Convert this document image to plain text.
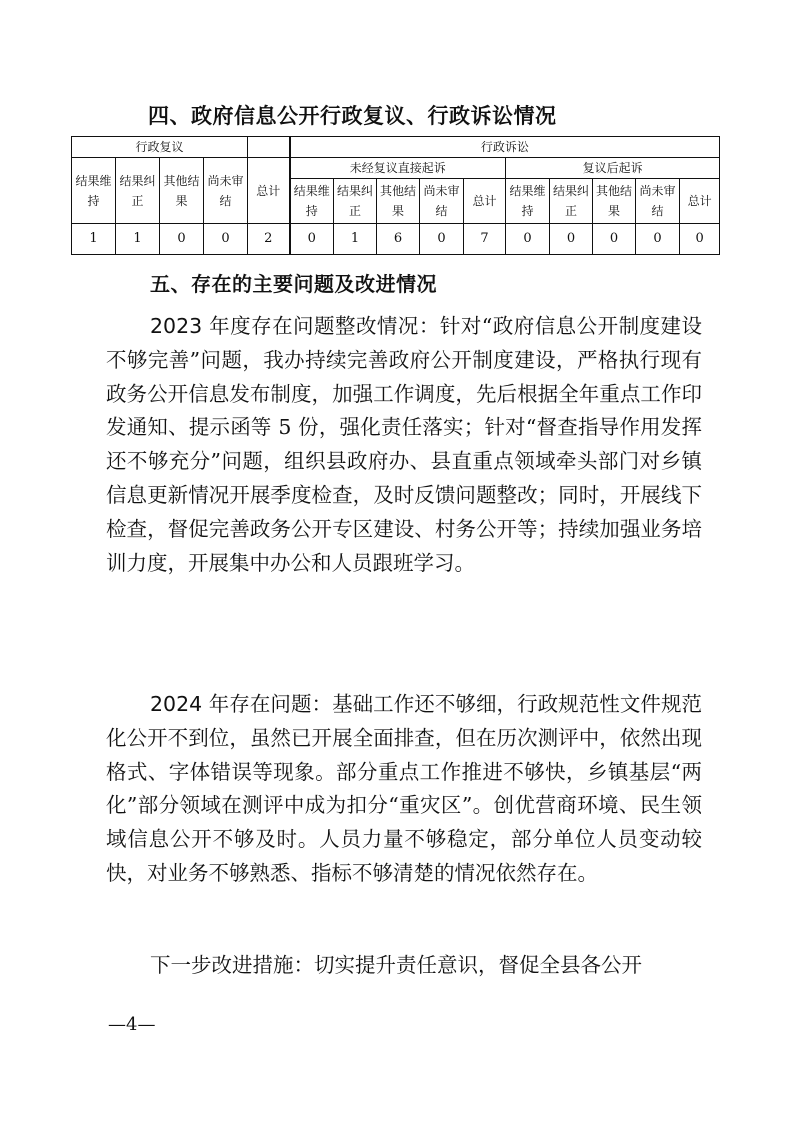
四、政府信息公开行政复议、行政诉讼情况
行政复议					行政诉讼									
结果维持	结果纠正	其他结果	尚未审结	总计	未经复议直接起诉					复议后起诉				
					结果维持	结果纠正	其他结果	尚未审结	总计	结果维持	结果纠正	其他结果	尚未审结	总计
1	1	0	0	2	0	1	6	0	7	0	0	0	0	0
五、存在的主要问题及改进情况
2023 年度存在问题整改情况：针对“政府信息公开制度建设不够完善”问题，我办持续完善政府公开制度建设，严格执行现有政务公开信息发布制度，加强工作调度，先后根据全年重点工作印发通知、提示函等 5 份，强化责任落实；针对“督查指导作用发挥还不够充分”问题，组织县政府办、县直重点领域牵头部门对乡镇信息更新情况开展季度检查，及时反馈问题整改；同时，开展线下检查，督促完善政务公开专区建设、村务公开等；持续加强业务培训力度，开展集中办公和人员跟班学习。
2024 年存在问题：基础工作还不够细，行政规范性文件规范化公开不到位，虽然已开展全面排查，但在历次测评中，依然出现格式、字体错误等现象。部分重点工作推进不够快，乡镇基层“两化”部分领域在测评中成为扣分“重灾区”。创优营商环境、民生领域信息公开不够及时。人员力量不够稳定，部分单位人员变动较快，对业务不够熟悉、指标不够清楚的情况依然存在。
下一步改进措施：切实提升责任意识，督促全县各公开
—4—
